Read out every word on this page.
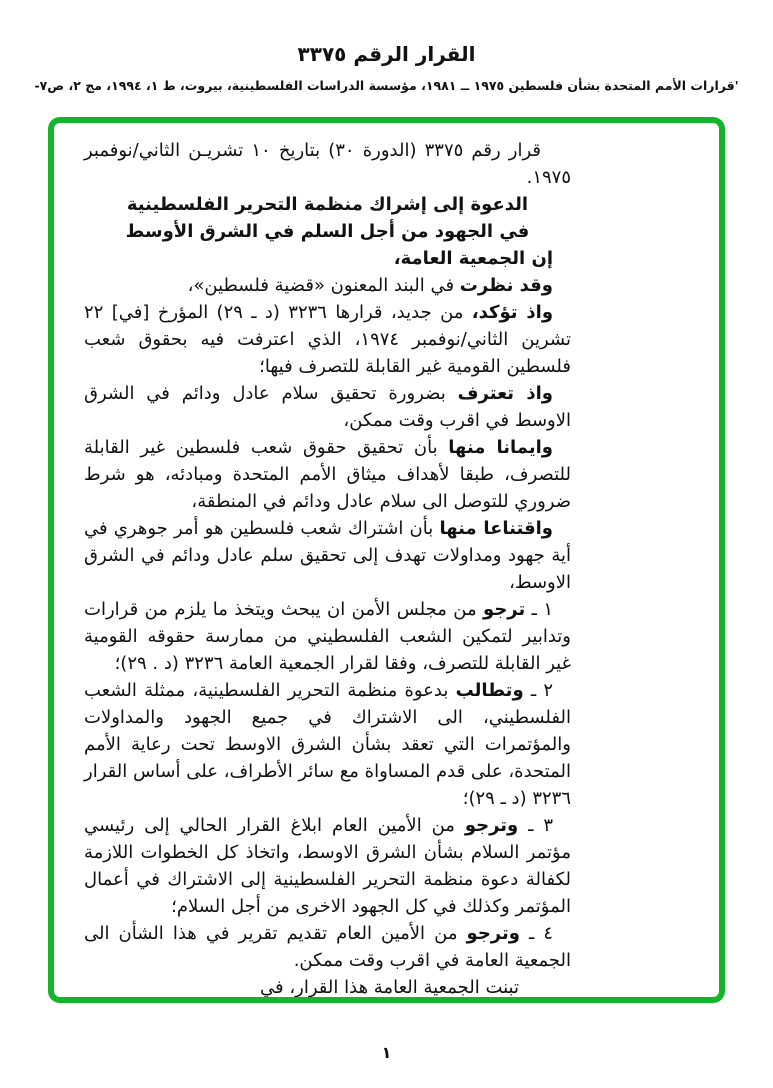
القرار الرقم ٣٣٧٥
'قرارات الأمم المتحدة بشأن فلسطين ١٩٧٥ ــ ١٩٨١، مؤسسة الدراسات الفلسطينية، بيروت، ط ١، ١٩٩٤، مج ٢، ص٧-

قرار رقم ٣٣٧٥ (الدورة ٣٠) بتاريخ ١٠ تشريـن الثاني/نوفمبر ١٩٧٥.

الدعوة إلى إشراك منظمة التحرير الفلسطينية
في الجهود من أجل السلم في الشرق الأوسط

إن الجمعية العامة،

وقد نظرت في البند المعنون «قضية فلسطين»،

واذ تؤكد، من جديد، قرارها ٣٢٣٦ (د ـ ٢٩) المؤرخ [في] ٢٢ تشرين الثاني/نوفمبر ١٩٧٤، الذي اعترفت فيه بحقوق شعب فلسطين القومية غير القابلة للتصرف فيها؛

واذ تعترف بضرورة تحقيق سلام عادل ودائم في الشرق الاوسط في اقرب وقت ممكن،

وايمانا منها بأن تحقيق حقوق شعب فلسطين غير القابلة للتصرف، طبقا لأهداف ميثاق الأمم المتحدة ومبادئه، هو شرط ضروري للتوصل الى سلام عادل ودائم في المنطقة،

واقتناعا منها بأن اشتراك شعب فلسطين هو أمر جوهري في أية جهود ومداولات تهدف إلى تحقيق سلم عادل ودائم في الشرق الاوسط،

١ ـ ترجو من مجلس الأمن ان يبحث ويتخذ ما يلزم من قرارات وتدابير لتمكين الشعب الفلسطيني من ممارسة حقوقه القومية غير القابلة للتصرف، وفقا لقرار الجمعية العامة ٣٢٣٦ (د . ٢٩)؛

٢ ـ وتطالب بدعوة منظمة التحرير الفلسطينية، ممثلة الشعب الفلسطيني، الى الاشتراك في جميع الجهود والمداولات والمؤتمرات التي تعقد بشأن الشرق الاوسط تحت رعاية الأمم المتحدة، على قدم المساواة مع سائر الأطراف، على أساس القرار ٣٢٣٦ (د ـ ٢٩)؛

٣ ـ وترجو من الأمين العام ابلاغ القرار الحالي إلى رئيسي مؤتمر السلام بشأن الشرق الاوسط، واتخاذ كل الخطوات اللازمة لكفالة دعوة منظمة التحرير الفلسطينية إلى الاشتراك في أعمال المؤتمر وكذلك في كل الجهود الاخرى من أجل السلام؛

٤ ـ وترجو من الأمين العام تقديم تقرير في هذا الشأن الى الجمعية العامة في اقرب وقت ممكن.

تبنت الجمعية العامة هذا القرار، في
١
